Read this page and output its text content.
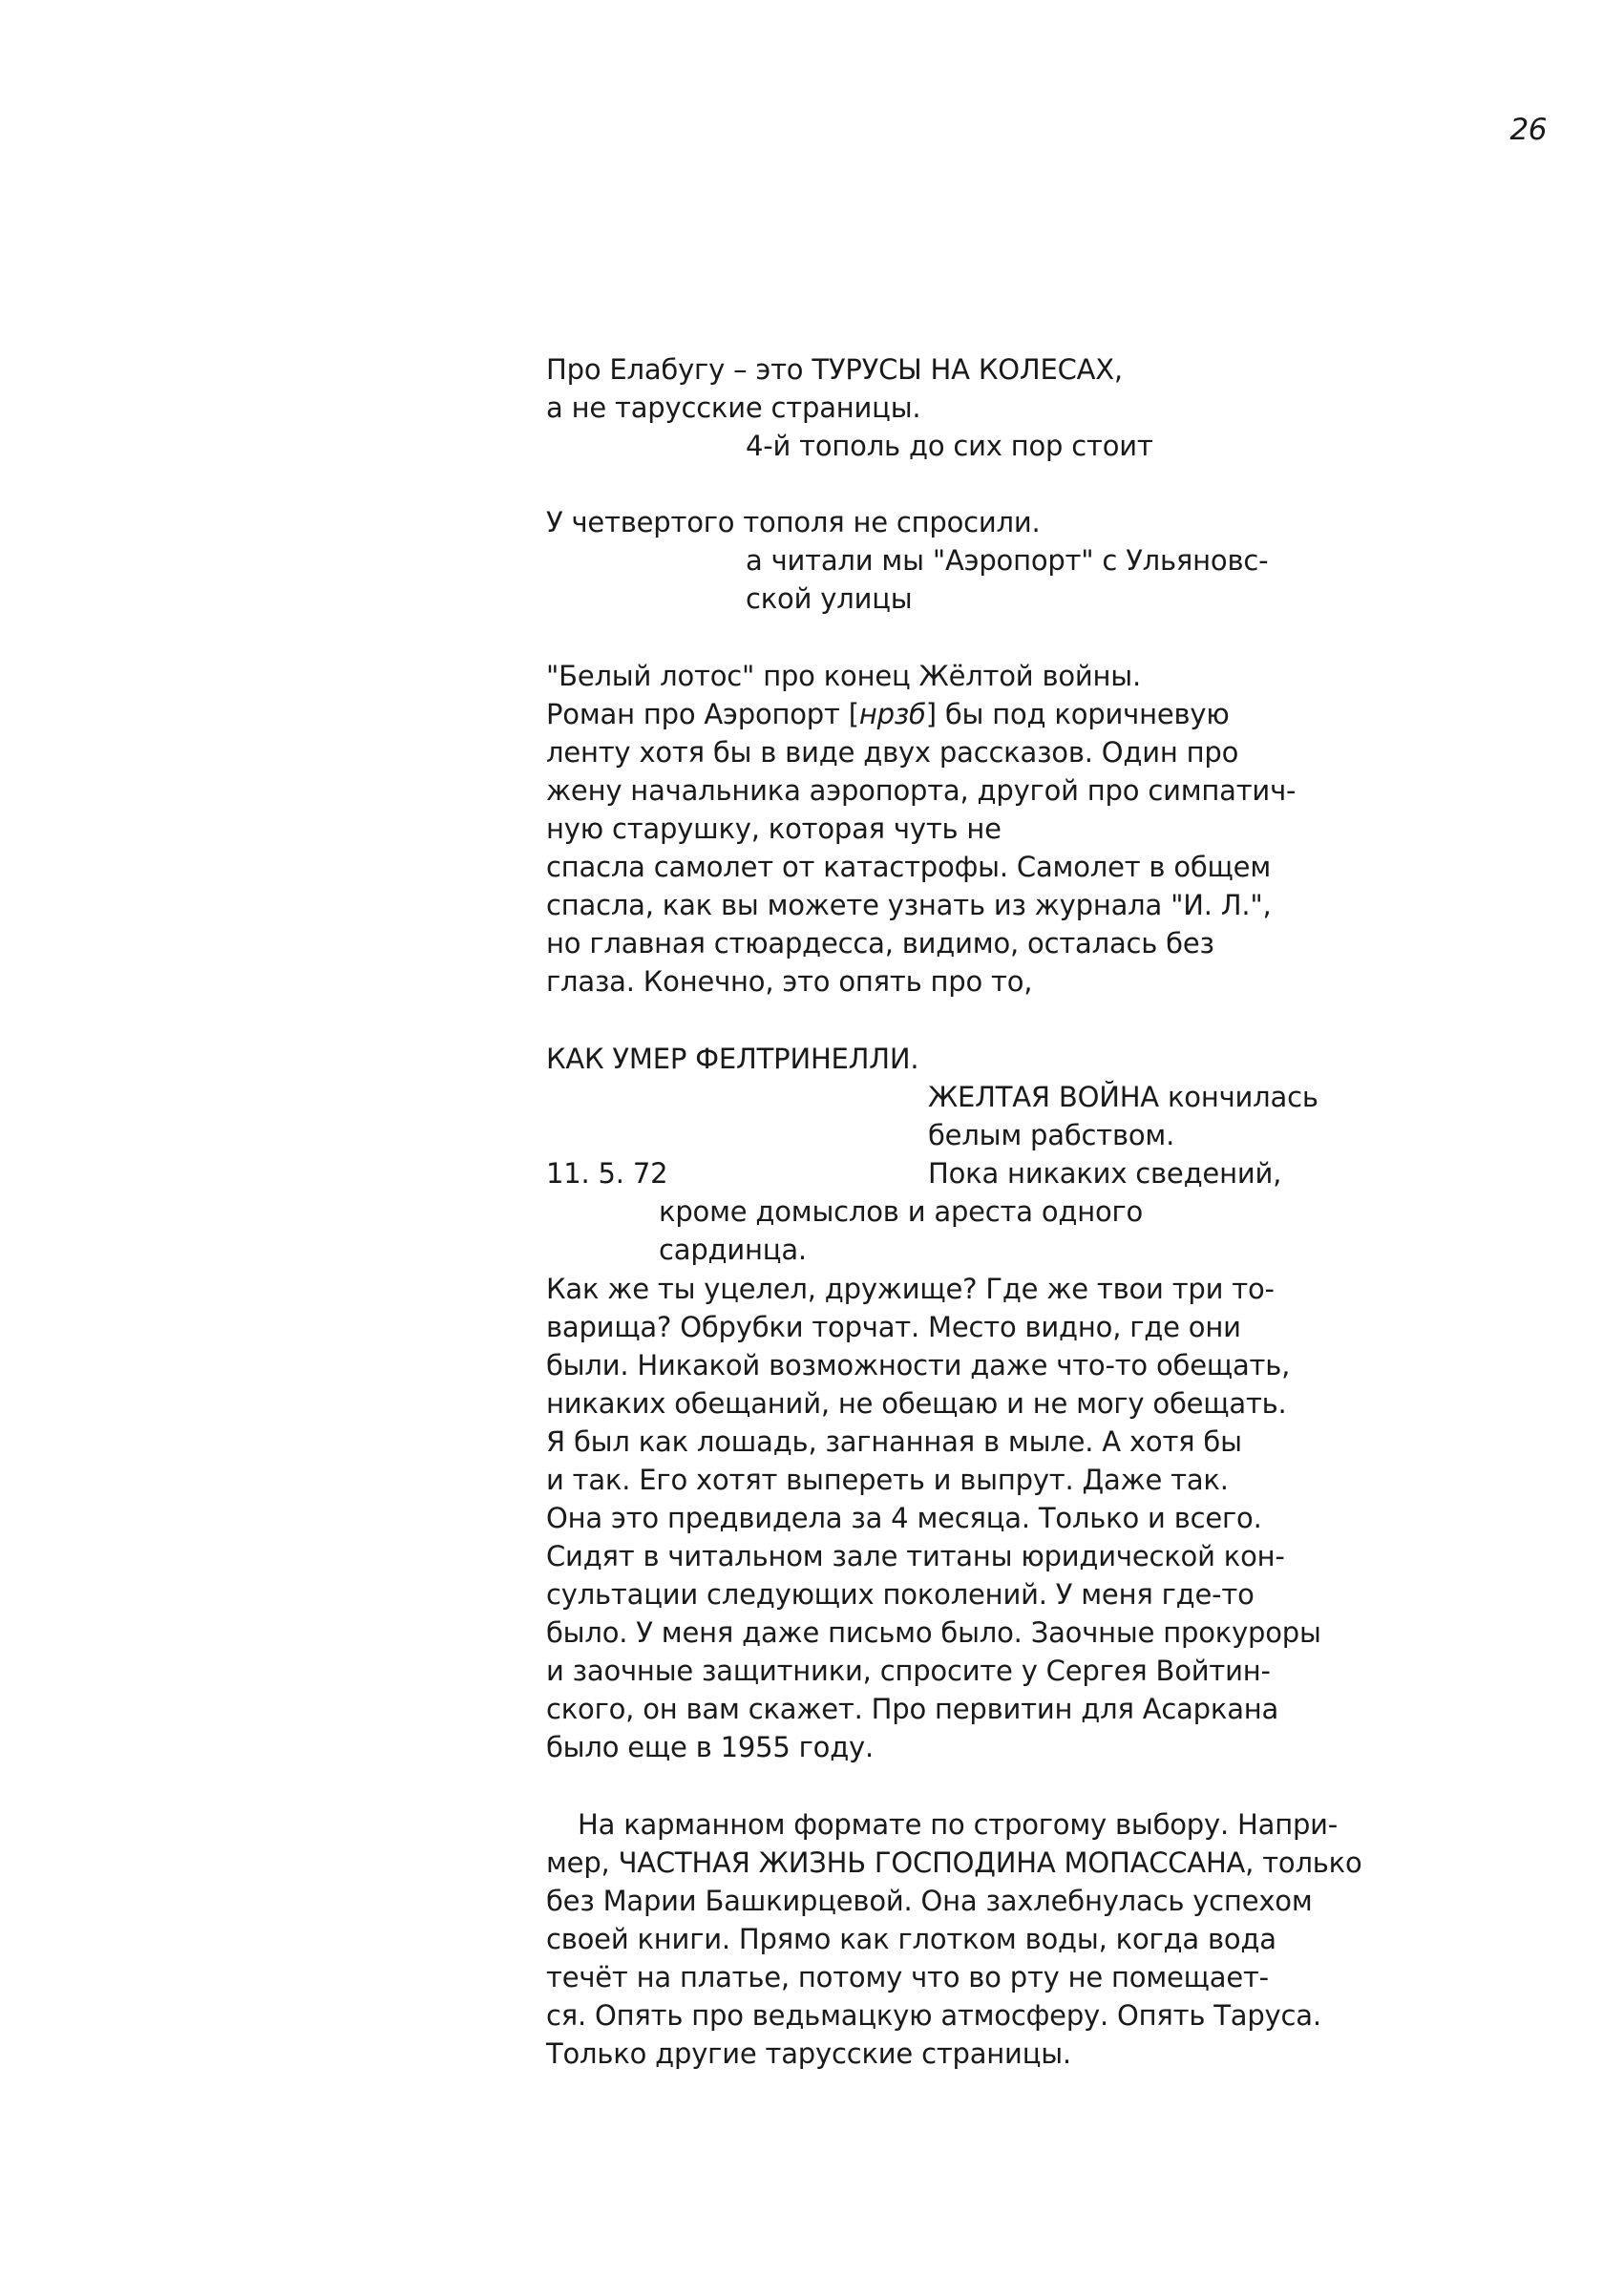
26
Про Елабугу – это ТУРУСЫ НА КОЛЕСАХ,
а не тарусские страницы.
4-й тополь до сих пор стоит
У четвертого тополя не спросили.
а читали мы "Аэропорт" с Ульяновс-
ской улицы
"Белый лотос" про конец Жёлтой войны.
Роман про Аэропорт [нрзб] бы под коричневую
ленту хотя бы в виде двух рассказов. Один про
жену начальника аэропорта, другой про симпатич-
ную старушку, которая чуть не
спасла самолет от катастрофы. Самолет в общем
спасла, как вы можете узнать из журнала "И. Л.",
но главная стюардесса, видимо, осталась без
глаза. Конечно, это опять про то,
КАК УМЕР ФЕЛТРИНЕЛЛИ.
ЖЕЛТАЯ ВОЙНА кончилась
белым рабством.
11. 5. 72	Пока никаких сведений,
кроме домыслов и ареста одного
сардинца.
Как же ты уцелел, дружище? Где же твои три то-
варища? Обрубки торчат. Место видно, где они
были. Никакой возможности даже что-то обещать,
никаких обещаний, не обещаю и не могу обещать.
Я был как лошадь, загнанная в мыле. А хотя бы
и так. Его хотят выпереть и выпрут. Даже так.
Она это предвидела за 4 месяца. Только и всего.
Сидят в читальном зале титаны юридической кон-
сультации следующих поколений. У меня где-то
было. У меня даже письмо было. Заочные прокуроры
и заочные защитники, спросите у Сергея Войтин-
ского, он вам скажет. Про первитин для Асаркана
было еще в 1955 году.
На карманном формате по строгому выбору. Напри-
мер, ЧАСТНАЯ ЖИЗНЬ ГОСПОДИНА МОПАССАНА, только
без Марии Башкирцевой. Она захлебнулась успехом
своей книги. Прямо как глотком воды, когда вода
течёт на платье, потому что во рту не помещает-
ся. Опять про ведьмацкую атмосферу. Опять Таруса.
Только другие тарусские страницы.
